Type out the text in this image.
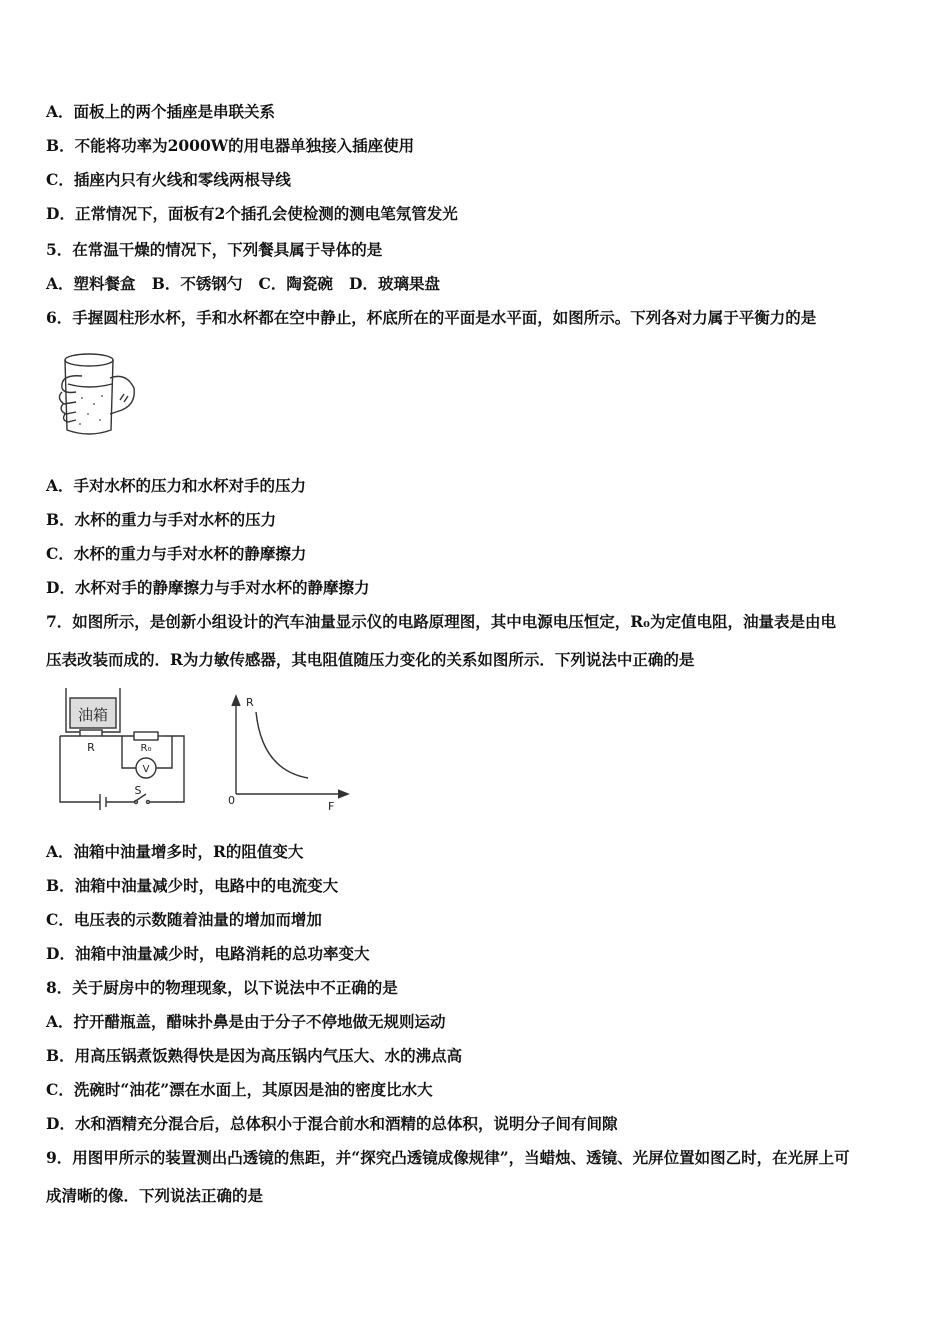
A．面板上的两个插座是串联关系
B．不能将功率为2000W的用电器单独接入插座使用
C．插座内只有火线和零线两根导线
D．正常情况下，面板有2个插孔会使检测的测电笔氖管发光
5．在常温干燥的情况下，下列餐具属于导体的是
A．塑料餐盒   B．不锈钢勺   C．陶瓷碗   D．玻璃果盘
6．手握圆柱形水杯，手和水杯都在空中静止，杯底所在的平面是水平面，如图所示。下列各对力属于平衡力的是
A．手对水杯的压力和水杯对手的压力
B．水杯的重力与手对水杯的压力
C．水杯的重力与手对水杯的静摩擦力
D．水杯对手的静摩擦力与手对水杯的静摩擦力
7．如图所示，是创新小组设计的汽车油量显示仪的电路原理图，其中电源电压恒定，R₀为定值电阻，油量表是由电
压表改装而成的．R为力敏传感器，其电阻值随压力变化的关系如图所示．下列说法中正确的是
油箱
R	R₀
V
S
R
F
0
A．油箱中油量增多时，R的阻值变大
B．油箱中油量减少时，电路中的电流变大
C．电压表的示数随着油量的增加而增加
D．油箱中油量减少时，电路消耗的总功率变大
8．关于厨房中的物理现象，以下说法中不正确的是
A．拧开醋瓶盖，醋味扑鼻是由于分子不停地做无规则运动
B．用高压锅煮饭熟得快是因为高压锅内气压大、水的沸点高
C．洗碗时“油花”漂在水面上，其原因是油的密度比水大
D．水和酒精充分混合后，总体积小于混合前水和酒精的总体积，说明分子间有间隙
9．用图甲所示的装置测出凸透镜的焦距，并“探究凸透镜成像规律”，当蜡烛、透镜、光屏位置如图乙时，在光屏上可
成清晰的像．下列说法正确的是
